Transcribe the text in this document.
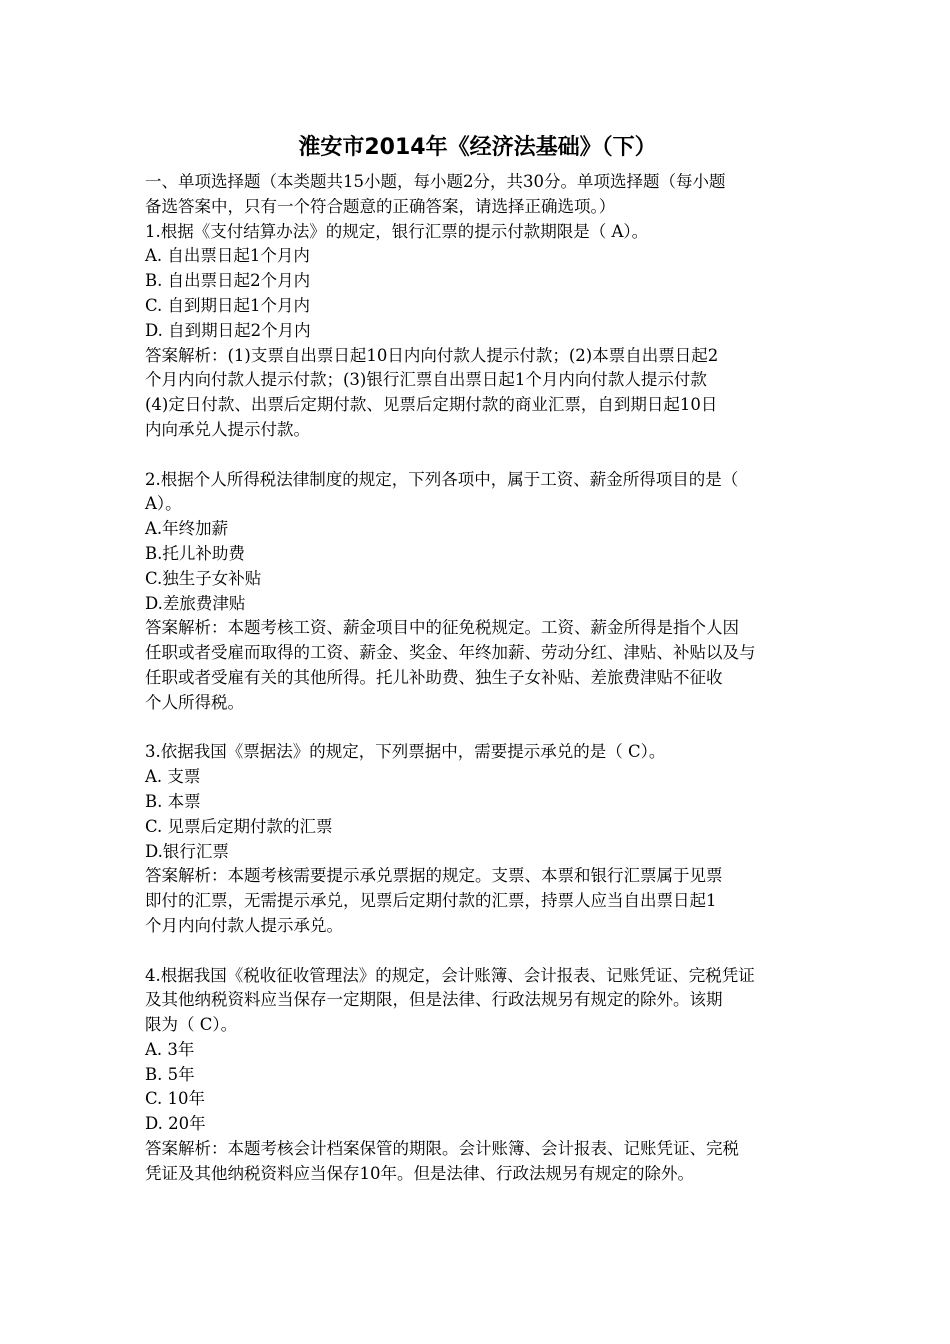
淮安市2014年《经济法基础》（下）

一、单项选择题（本类题共15小题，每小题2分，共30分。单项选择题（每小题

备选答案中，只有一个符合题意的正确答案，请选择正确选项。）

1.根据《支付结算办法》的规定，银行汇票的提示付款期限是（ A）。

A. 自出票日起1个月内

B. 自出票日起2个月内

C. 自到期日起1个月内

D. 自到期日起2个月内

答案解析：(1)支票自出票日起10日内向付款人提示付款；(2)本票自出票日起2

个月内向付款人提示付款；(3)银行汇票自出票日起1个月内向付款人提示付款

(4)定日付款、出票后定期付款、见票后定期付款的商业汇票，自到期日起10日

内向承兑人提示付款。

2.根据个人所得税法律制度的规定，下列各项中，属于工资、薪金所得项目的是（

A）。

A.年终加薪

B.托儿补助费

C.独生子女补贴

D.差旅费津贴

答案解析：本题考核工资、薪金项目中的征免税规定。工资、薪金所得是指个人因

任职或者受雇而取得的工资、薪金、奖金、年终加薪、劳动分红、津贴、补贴以及与

任职或者受雇有关的其他所得。托儿补助费、独生子女补贴、差旅费津贴不征收

个人所得税。

3.依据我国《票据法》的规定，下列票据中，需要提示承兑的是（ C）。

A. 支票

B. 本票

C. 见票后定期付款的汇票

D.银行汇票

答案解析：本题考核需要提示承兑票据的规定。支票、本票和银行汇票属于见票

即付的汇票，无需提示承兑，见票后定期付款的汇票，持票人应当自出票日起1

个月内向付款人提示承兑。

4.根据我国《税收征收管理法》的规定，会计账簿、会计报表、记账凭证、完税凭证

及其他纳税资料应当保存一定期限，但是法律、行政法规另有规定的除外。该期

限为（ C）。

A. 3年

B. 5年

C. 10年

D. 20年

答案解析：本题考核会计档案保管的期限。会计账簿、会计报表、记账凭证、完税

凭证及其他纳税资料应当保存10年。但是法律、行政法规另有规定的除外。
